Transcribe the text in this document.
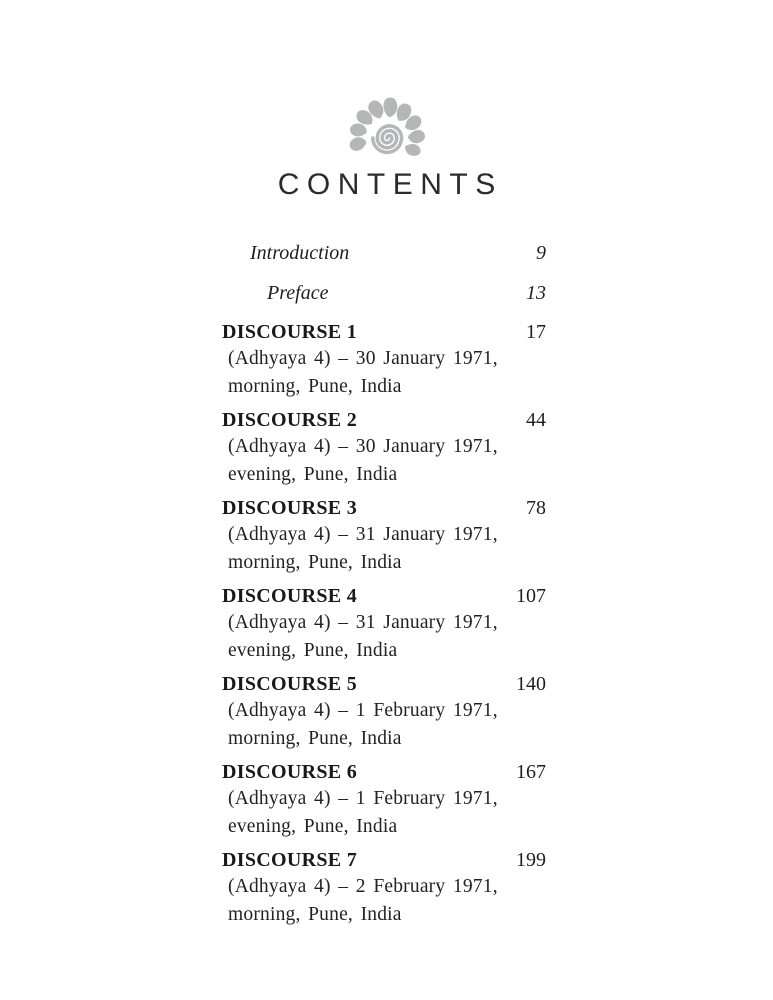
CONTENTS
Introduction	9
Preface	13
DISCOURSE 1	17
(Adhyaya 4) – 30 January 1971,
morning, Pune, India
DISCOURSE 2	44
(Adhyaya 4) – 30 January 1971,
evening, Pune, India
DISCOURSE 3	78
(Adhyaya 4) – 31 January 1971,
morning, Pune, India
DISCOURSE 4	107
(Adhyaya 4) – 31 January 1971,
evening, Pune, India
DISCOURSE 5	140
(Adhyaya 4) – 1 February 1971,
morning, Pune, India
DISCOURSE 6	167
(Adhyaya 4) – 1 February 1971,
evening, Pune, India
DISCOURSE 7	199
(Adhyaya 4) – 2 February 1971,
morning, Pune, India
